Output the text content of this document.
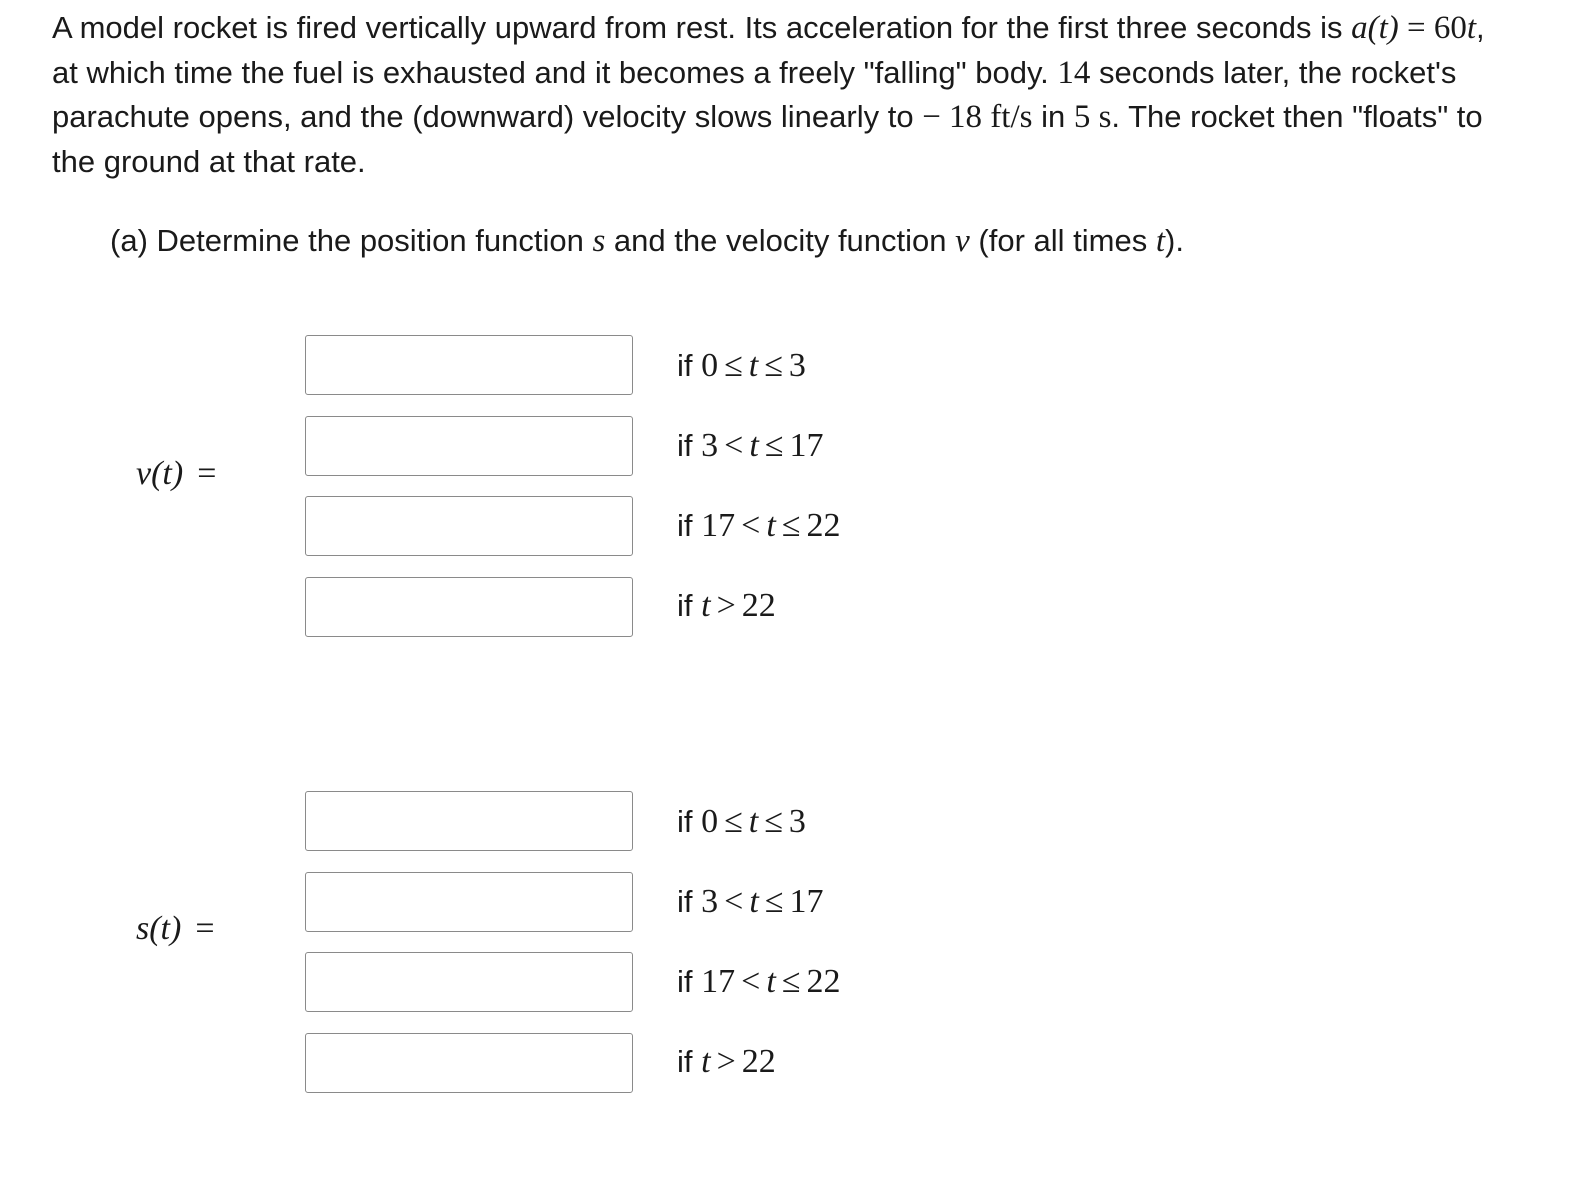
A model rocket is fired vertically upward from rest. Its acceleration for the first three seconds is a(t) = 60t, at which time the fuel is exhausted and it becomes a freely "falling" body. 14 seconds later, the rocket's parachute opens, and the (downward) velocity slows linearly to − 18 ft/s in 5 s. The rocket then "floats" to the ground at that rate.
(a) Determine the position function s and the velocity function v (for all times t).
v(t) =
if 0 ≤ t ≤ 3
if 3 < t ≤ 17
if 17 < t ≤ 22
if t > 22
s(t) =
if 0 ≤ t ≤ 3
if 3 < t ≤ 17
if 17 < t ≤ 22
if t > 22
